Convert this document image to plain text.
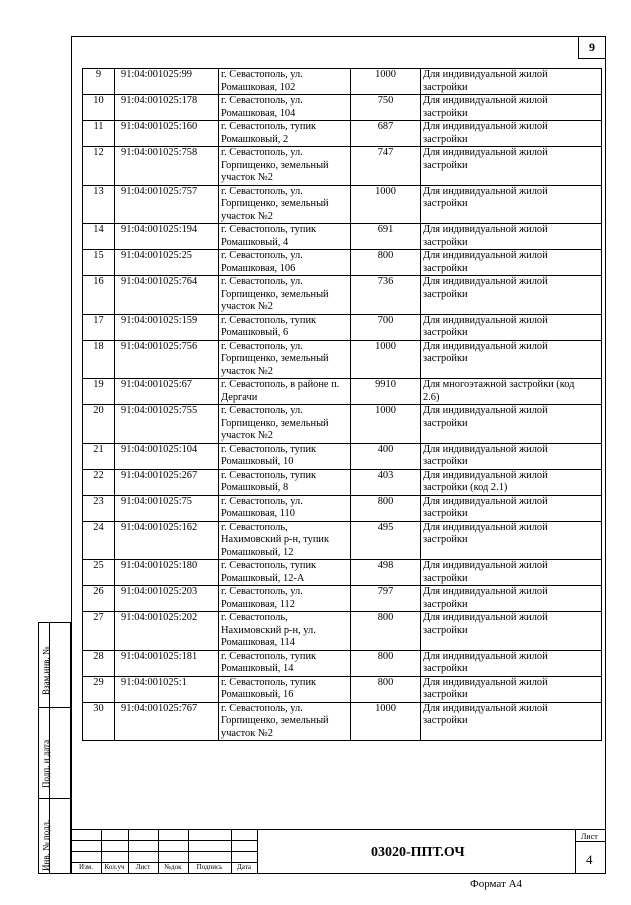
9
9	91:04:001025:99	г. Севастополь, ул.
Ромашковая, 102	1000	Для индивидуальной жилой
застройки
10	91:04:001025:178	г. Севастополь, ул.
Ромашковая, 104	750	Для индивидуальной жилой
застройки
11	91:04:001025:160	г. Севастополь, тупик
Ромашковый, 2	687	Для индивидуальной жилой
застройки
12	91:04:001025:758	г. Севастополь, ул.
Горпищенко, земельный
участок №2	747	Для индивидуальной жилой
застройки
13	91:04:001025:757	г. Севастополь, ул.
Горпищенко, земельный
участок №2	1000	Для индивидуальной жилой
застройки
14	91:04:001025:194	г. Севастополь, тупик
Ромашковый, 4	691	Для индивидуальной жилой
застройки
15	91:04:001025:25	г. Севастополь, ул.
Ромашковая, 106	800	Для индивидуальной жилой
застройки
16	91:04:001025:764	г. Севастополь, ул.
Горпищенко, земельный
участок №2	736	Для индивидуальной жилой
застройки
17	91:04:001025:159	г. Севастополь, тупик
Ромашковый, 6	700	Для индивидуальной жилой
застройки
18	91:04:001025:756	г. Севастополь, ул.
Горпищенко, земельный
участок №2	1000	Для индивидуальной жилой
застройки
19	91:04:001025:67	г. Севастополь, в районе п.
Дергачи	9910	Для многоэтажной застройки (код
2.6)
20	91:04:001025:755	г. Севастополь, ул.
Горпищенко, земельный
участок №2	1000	Для индивидуальной жилой
застройки
21	91:04:001025:104	г. Севастополь, тупик
Ромашковый, 10	400	Для индивидуальной жилой
застройки
22	91:04:001025:267	г. Севастополь, тупик
Ромашковый, 8	403	Для индивидуальной жилой
застройки (код 2.1)
23	91:04:001025:75	г. Севастополь, ул.
Ромашковая, 110	800	Для индивидуальной жилой
застройки
24	91:04:001025:162	г. Севастополь,
Нахимовский р-н, тупик
Ромашковый, 12	495	Для индивидуальной жилой
застройки
25	91:04:001025:180	г. Севастополь, тупик
Ромашковый, 12-А	498	Для индивидуальной жилой
застройки
26	91:04:001025:203	г. Севастополь, ул.
Ромашковая, 112	797	Для индивидуальной жилой
застройки
27	91:04:001025:202	г. Севастополь,
Нахимовский р-н, ул.
Ромашковая, 114	800	Для индивидуальной жилой
застройки
28	91:04:001025:181	г. Севастополь, тупик
Ромашковый, 14	800	Для индивидуальной жилой
застройки
29	91:04:001025:1	г. Севастополь, тупик
Ромашковый, 16	800	Для индивидуальной жилой
застройки
30	91:04:001025:767	г. Севастополь, ул.
Горпищенко, земельный
участок №2	1000	Для индивидуальной жилой
застройки
Взам.инв. №
Подп. и дата
Инв. № подл.	Изм.	Кол.уч	Лист	№док	Подпись	Дата
03020-ППТ.ОЧ
Лист
4
Формат А4
